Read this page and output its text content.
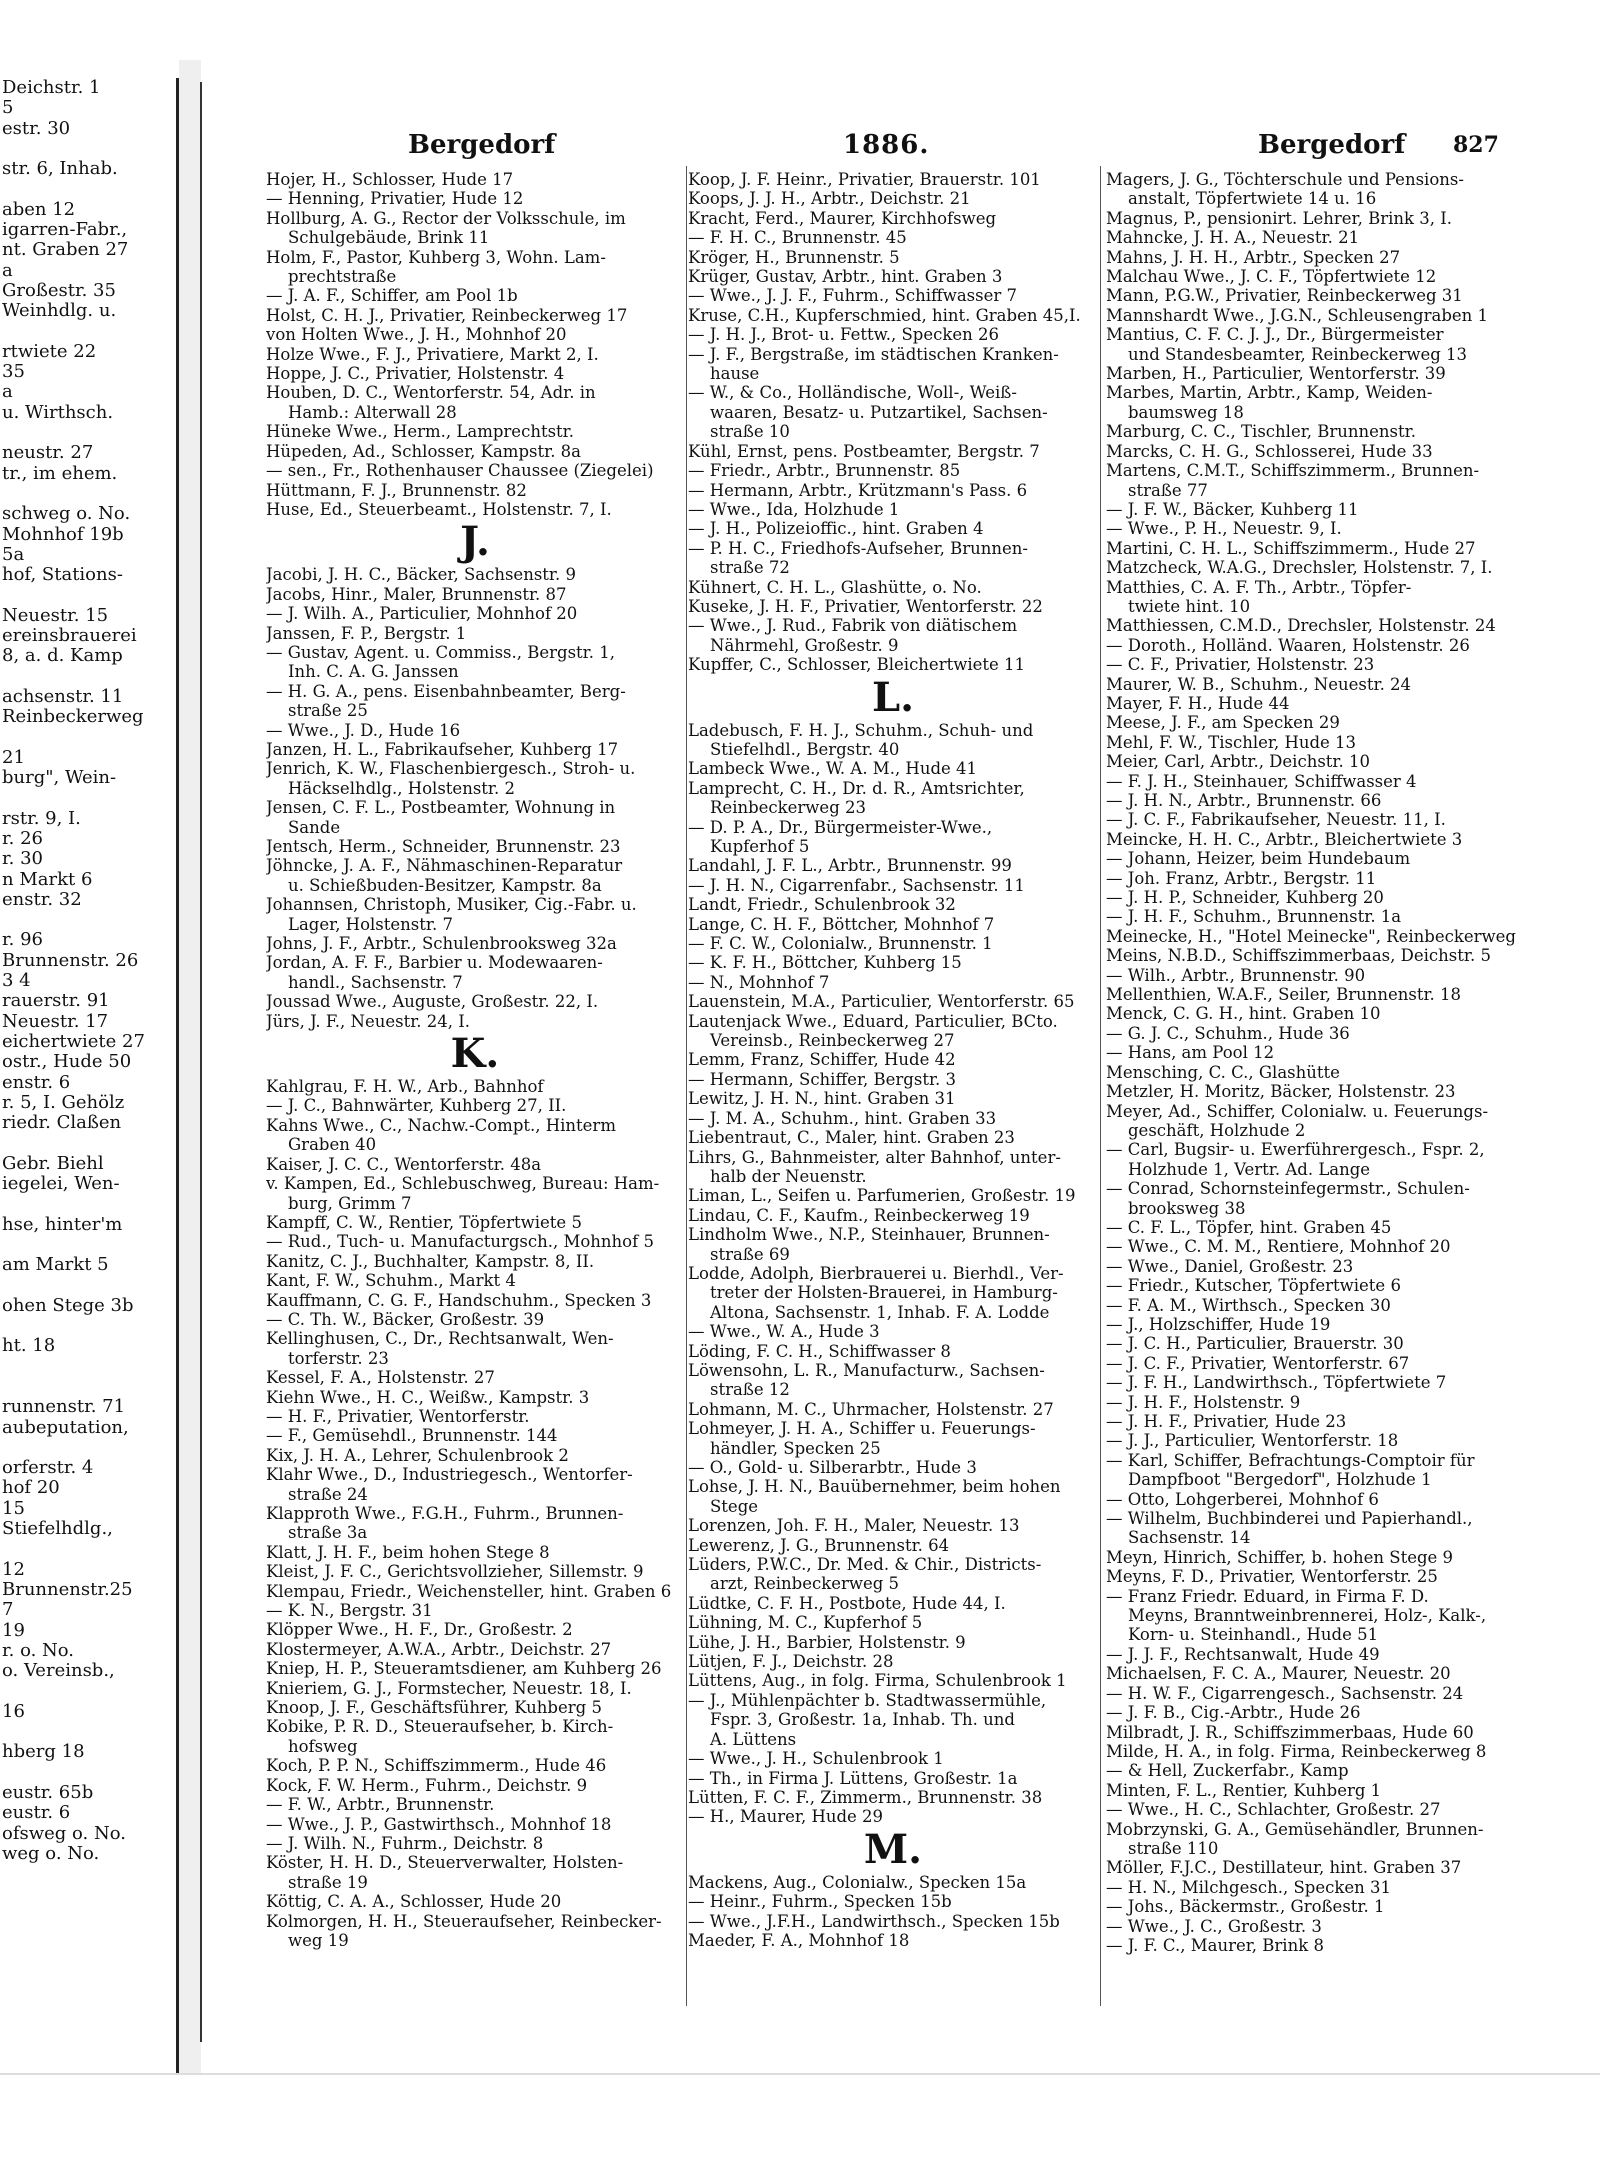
Deichstr. 1
5
estr. 30

str. 6, Inhab.

aben 12
igarren-Fabr.,
nt. Graben 27
a
Großestr. 35
Weinhdlg. u.

rtwiete 22
35
a
u. Wirthsch.

neustr. 27
tr., im ehem.

schweg o. No.
Mohnhof 19b
5a
hof, Stations-

Neuestr. 15
ereinsbrauerei
8, a. d. Kamp

achsenstr. 11
Reinbeckerweg

21
burg", Wein-

rstr. 9, I.
r. 26
r. 30
n Markt 6
enstr. 32

r. 96
Brunnenstr. 26
3 4
rauerstr. 91
Neuestr. 17
eichertwiete 27
ostr., Hude 50
enstr. 6
r. 5, I. Gehölz
riedr. Claßen

Gebr. Biehl
iegelei, Wen-

hse, hinter'm

am Markt 5

ohen Stege 3b

ht. 18

runnenstr. 71
aubeputation,

orferstr. 4
hof 20
15
Stiefelhdlg.,

12
Brunnenstr.25
7
19
r. o. No.
o. Vereinsb.,

16

hberg 18

eustr. 65b
eustr. 6
ofsweg o. No.
weg o. No.
Bergedorf	1886.	Bergedorf 827
Hojer, H., Schlosser, Hude 17
— Henning, Privatier, Hude 12
Hollburg, A. G., Rector der Volksschule, im
Schulgebäude, Brink 11
Holm, F., Pastor, Kuhberg 3, Wohn. Lam-
prechtstraße
— J. A. F., Schiffer, am Pool 1b
Holst, C. H. J., Privatier, Reinbeckerweg 17
von Holten Wwe., J. H., Mohnhof 20
Holze Wwe., F. J., Privatiere, Markt 2, I.
Hoppe, J. C., Privatier, Holstenstr. 4
Houben, D. C., Wentorferstr. 54, Adr. in
Hamb.: Alterwall 28
Hüneke Wwe., Herm., Lamprechtstr.
Hüpeden, Ad., Schlosser, Kampstr. 8a
— sen., Fr., Rothenhauser Chaussee (Ziegelei)
Hüttmann, F. J., Brunnenstr. 82
Huse, Ed., Steuerbeamt., Holstenstr. 7, I.
J.
Jacobi, J. H. C., Bäcker, Sachsenstr. 9
Jacobs, Hinr., Maler, Brunnenstr. 87
— J. Wilh. A., Particulier, Mohnhof 20
Janssen, F. P., Bergstr. 1
— Gustav, Agent. u. Commiss., Bergstr. 1,
Inh. C. A. G. Janssen
— H. G. A., pens. Eisenbahnbeamter, Berg-
straße 25
— Wwe., J. D., Hude 16
Janzen, H. L., Fabrikaufseher, Kuhberg 17
Jenrich, K. W., Flaschenbiergesch., Stroh- u.
Häckselhdlg., Holstenstr. 2
Jensen, C. F. L., Postbeamter, Wohnung in
Sande
Jentsch, Herm., Schneider, Brunnenstr. 23
Jöhncke, J. A. F., Nähmaschinen-Reparatur
u. Schießbuden-Besitzer, Kampstr. 8a
Johannsen, Christoph, Musiker, Cig.-Fabr. u.
Lager, Holstenstr. 7
Johns, J. F., Arbtr., Schulenbrooksweg 32a
Jordan, A. F. F., Barbier u. Modewaaren-
handl., Sachsenstr. 7
Joussad Wwe., Auguste, Großestr. 22, I.
Jürs, J. F., Neuestr. 24, I.
K.
Kahlgrau, F. H. W., Arb., Bahnhof
— J. C., Bahnwärter, Kuhberg 27, II.
Kahns Wwe., C., Nachw.-Compt., Hinterm
Graben 40
Kaiser, J. C. C., Wentorferstr. 48a
v. Kampen, Ed., Schlebuschweg, Bureau: Ham-
burg, Grimm 7
Kampff, C. W., Rentier, Töpfertwiete 5
— Rud., Tuch- u. Manufacturgsch., Mohnhof 5
Kanitz, C. J., Buchhalter, Kampstr. 8, II.
Kant, F. W., Schuhm., Markt 4
Kauffmann, C. G. F., Handschuhm., Specken 3
— C. Th. W., Bäcker, Großestr. 39
Kellinghusen, C., Dr., Rechtsanwalt, Wen-
torferstr. 23
Kessel, F. A., Holstenstr. 27
Kiehn Wwe., H. C., Weißw., Kampstr. 3
— H. F., Privatier, Wentorferstr.
— F., Gemüsehdl., Brunnenstr. 144
Kix, J. H. A., Lehrer, Schulenbrook 2
Klahr Wwe., D., Industriegesch., Wentorfer-
straße 24
Klapproth Wwe., F.G.H., Fuhrm., Brunnen-
straße 3a
Klatt, J. H. F., beim hohen Stege 8
Kleist, J. F. C., Gerichtsvollzieher, Sillemstr. 9
Klempau, Friedr., Weichensteller, hint. Graben 6
— K. N., Bergstr. 31
Klöpper Wwe., H. F., Dr., Großestr. 2
Klostermeyer, A.W.A., Arbtr., Deichstr. 27
Kniep, H. P., Steueramtsdiener, am Kuhberg 26
Knieriem, G. J., Formstecher, Neuestr. 18, I.
Knoop, J. F., Geschäftsführer, Kuhberg 5
Kobike, P. R. D., Steueraufseher, b. Kirch-
hofsweg
Koch, P. P. N., Schiffszimmerm., Hude 46
Kock, F. W. Herm., Fuhrm., Deichstr. 9
— F. W., Arbtr., Brunnenstr.
— Wwe., J. P., Gastwirthsch., Mohnhof 18
— J. Wilh. N., Fuhrm., Deichstr. 8
Köster, H. H. D., Steuerverwalter, Holsten-
straße 19
Köttig, C. A. A., Schlosser, Hude 20
Kolmorgen, H. H., Steueraufseher, Reinbecker-
weg 19
Koop, J. F. Heinr., Privatier, Brauerstr. 101
Koops, J. J. H., Arbtr., Deichstr. 21
Kracht, Ferd., Maurer, Kirchhofsweg
— F. H. C., Brunnenstr. 45
Kröger, H., Brunnenstr. 5
Krüger, Gustav, Arbtr., hint. Graben 3
— Wwe., J. J. F., Fuhrm., Schiffwasser 7
Kruse, C.H., Kupferschmied, hint. Graben 45,I.
— J. H. J., Brot- u. Fettw., Specken 26
— J. F., Bergstraße, im städtischen Kranken-
hause
— W., & Co., Holländische, Woll-, Weiß-
waaren, Besatz- u. Putzartikel, Sachsen-
straße 10
Kühl, Ernst, pens. Postbeamter, Bergstr. 7
— Friedr., Arbtr., Brunnenstr. 85
— Hermann, Arbtr., Krützmann's Pass. 6
— Wwe., Ida, Holzhude 1
— J. H., Polizeioffic., hint. Graben 4
— P. H. C., Friedhofs-Aufseher, Brunnen-
straße 72
Kühnert, C. H. L., Glashütte, o. No.
Kuseke, J. H. F., Privatier, Wentorferstr. 22
— Wwe., J. Rud., Fabrik von diätischem
Nährmehl, Großestr. 9
Kupffer, C., Schlosser, Bleichertwiete 11
L.
Ladebusch, F. H. J., Schuhm., Schuh- und
Stiefelhdl., Bergstr. 40
Lambeck Wwe., W. A. M., Hude 41
Lamprecht, C. H., Dr. d. R., Amtsrichter,
Reinbeckerweg 23
— D. P. A., Dr., Bürgermeister-Wwe.,
Kupferhof 5
Landahl, J. F. L., Arbtr., Brunnenstr. 99
— J. H. N., Cigarrenfabr., Sachsenstr. 11
Landt, Friedr., Schulenbrook 32
Lange, C. H. F., Böttcher, Mohnhof 7
— F. C. W., Colonialw., Brunnenstr. 1
— K. F. H., Böttcher, Kuhberg 15
— N., Mohnhof 7
Lauenstein, M.A., Particulier, Wentorferstr. 65
Lautenjack Wwe., Eduard, Particulier, BCto.
Vereinsb., Reinbeckerweg 27
Lemm, Franz, Schiffer, Hude 42
— Hermann, Schiffer, Bergstr. 3
Lewitz, J. H. N., hint. Graben 31
— J. M. A., Schuhm., hint. Graben 33
Liebentraut, C., Maler, hint. Graben 23
Lihrs, G., Bahnmeister, alter Bahnhof, unter-
halb der Neuenstr.
Liman, L., Seifen u. Parfumerien, Großestr. 19
Lindau, C. F., Kaufm., Reinbeckerweg 19
Lindholm Wwe., N.P., Steinhauer, Brunnen-
straße 69
Lodde, Adolph, Bierbrauerei u. Bierhdl., Ver-
treter der Holsten-Brauerei, in Hamburg-
Altona, Sachsenstr. 1, Inhab. F. A. Lodde
— Wwe., W. A., Hude 3
Löding, F. C. H., Schiffwasser 8
Löwensohn, L. R., Manufacturw., Sachsen-
straße 12
Lohmann, M. C., Uhrmacher, Holstenstr. 27
Lohmeyer, J. H. A., Schiffer u. Feuerungs-
händler, Specken 25
— O., Gold- u. Silberarbtr., Hude 3
Lohse, J. H. N., Bauübernehmer, beim hohen
Stege
Lorenzen, Joh. F. H., Maler, Neuestr. 13
Lewerenz, J. G., Brunnenstr. 64
Lüders, P.W.C., Dr. Med. & Chir., Districts-
arzt, Reinbeckerweg 5
Lüdtke, C. F. H., Postbote, Hude 44, I.
Lühning, M. C., Kupferhof 5
Lühe, J. H., Barbier, Holstenstr. 9
Lütjen, F. J., Deichstr. 28
Lüttens, Aug., in folg. Firma, Schulenbrook 1
— J., Mühlenpächter b. Stadtwassermühle,
Fspr. 3, Großestr. 1a, Inhab. Th. und
A. Lüttens
— Wwe., J. H., Schulenbrook 1
— Th., in Firma J. Lüttens, Großestr. 1a
Lütten, F. C. F., Zimmerm., Brunnenstr. 38
— H., Maurer, Hude 29
M.
Mackens, Aug., Colonialw., Specken 15a
— Heinr., Fuhrm., Specken 15b
— Wwe., J.F.H., Landwirthsch., Specken 15b
Maeder, F. A., Mohnhof 18
Magers, J. G., Töchterschule und Pensions-
anstalt, Töpfertwiete 14 u. 16
Magnus, P., pensionirt. Lehrer, Brink 3, I.
Mahncke, J. H. A., Neuestr. 21
Mahns, J. H. H., Arbtr., Specken 27
Malchau Wwe., J. C. F., Töpfertwiete 12
Mann, P.G.W., Privatier, Reinbeckerweg 31
Mannshardt Wwe., J.G.N., Schleusengraben 1
Mantius, C. F. C. J. J., Dr., Bürgermeister
und Standesbeamter, Reinbeckerweg 13
Marben, H., Particulier, Wentorferstr. 39
Marbes, Martin, Arbtr., Kamp, Weiden-
baumsweg 18
Marburg, C. C., Tischler, Brunnenstr.
Marcks, C. H. G., Schlosserei, Hude 33
Martens, C.M.T., Schiffszimmerm., Brunnen-
straße 77
— J. F. W., Bäcker, Kuhberg 11
— Wwe., P. H., Neuestr. 9, I.
Martini, C. H. L., Schiffszimmerm., Hude 27
Matzcheck, W.A.G., Drechsler, Holstenstr. 7, I.
Matthies, C. A. F. Th., Arbtr., Töpfer-
twiete hint. 10
Matthiessen, C.M.D., Drechsler, Holstenstr. 24
— Doroth., Holländ. Waaren, Holstenstr. 26
— C. F., Privatier, Holstenstr. 23
Maurer, W. B., Schuhm., Neuestr. 24
Mayer, F. H., Hude 44
Meese, J. F., am Specken 29
Mehl, F. W., Tischler, Hude 13
Meier, Carl, Arbtr., Deichstr. 10
— F. J. H., Steinhauer, Schiffwasser 4
— J. H. N., Arbtr., Brunnenstr. 66
— J. C. F., Fabrikaufseher, Neuestr. 11, I.
Meincke, H. H. C., Arbtr., Bleichertwiete 3
— Johann, Heizer, beim Hundebaum
— Joh. Franz, Arbtr., Bergstr. 11
— J. H. P., Schneider, Kuhberg 20
— J. H. F., Schuhm., Brunnenstr. 1a
Meinecke, H., "Hotel Meinecke", Reinbeckerweg
Meins, N.B.D., Schiffszimmerbaas, Deichstr. 5
— Wilh., Arbtr., Brunnenstr. 90
Mellenthien, W.A.F., Seiler, Brunnenstr. 18
Menck, C. G. H., hint. Graben 10
— G. J. C., Schuhm., Hude 36
— Hans, am Pool 12
Mensching, C. C., Glashütte
Metzler, H. Moritz, Bäcker, Holstenstr. 23
Meyer, Ad., Schiffer, Colonialw. u. Feuerungs-
geschäft, Holzhude 2
— Carl, Bugsir- u. Ewerführergesch., Fspr. 2,
Holzhude 1, Vertr. Ad. Lange
— Conrad, Schornsteinfegermstr., Schulen-
brooksweg 38
— C. F. L., Töpfer, hint. Graben 45
— Wwe., C. M. M., Rentiere, Mohnhof 20
— Wwe., Daniel, Großestr. 23
— Friedr., Kutscher, Töpfertwiete 6
— F. A. M., Wirthsch., Specken 30
— J., Holzschiffer, Hude 19
— J. C. H., Particulier, Brauerstr. 30
— J. C. F., Privatier, Wentorferstr. 67
— J. F. H., Landwirthsch., Töpfertwiete 7
— J. H. F., Holstenstr. 9
— J. H. F., Privatier, Hude 23
— J. J., Particulier, Wentorferstr. 18
— Karl, Schiffer, Befrachtungs-Comptoir für
Dampfboot "Bergedorf", Holzhude 1
— Otto, Lohgerberei, Mohnhof 6
— Wilhelm, Buchbinderei und Papierhandl.,
Sachsenstr. 14
Meyn, Hinrich, Schiffer, b. hohen Stege 9
Meyns, F. D., Privatier, Wentorferstr. 25
— Franz Friedr. Eduard, in Firma F. D.
Meyns, Branntweinbrennerei, Holz-, Kalk-,
Korn- u. Steinhandl., Hude 51
— J. J. F., Rechtsanwalt, Hude 49
Michaelsen, F. C. A., Maurer, Neuestr. 20
— H. W. F., Cigarrengesch., Sachsenstr. 24
— J. F. B., Cig.-Arbtr., Hude 26
Milbradt, J. R., Schiffszimmerbaas, Hude 60
Milde, H. A., in folg. Firma, Reinbeckerweg 8
— & Hell, Zuckerfabr., Kamp
Minten, F. L., Rentier, Kuhberg 1
— Wwe., H. C., Schlachter, Großestr. 27
Mobrzynski, G. A., Gemüsehändler, Brunnen-
straße 110
Möller, F.J.C., Destillateur, hint. Graben 37
— H. N., Milchgesch., Specken 31
— Johs., Bäckermstr., Großestr. 1
— Wwe., J. C., Großestr. 3
— J. F. C., Maurer, Brink 8
